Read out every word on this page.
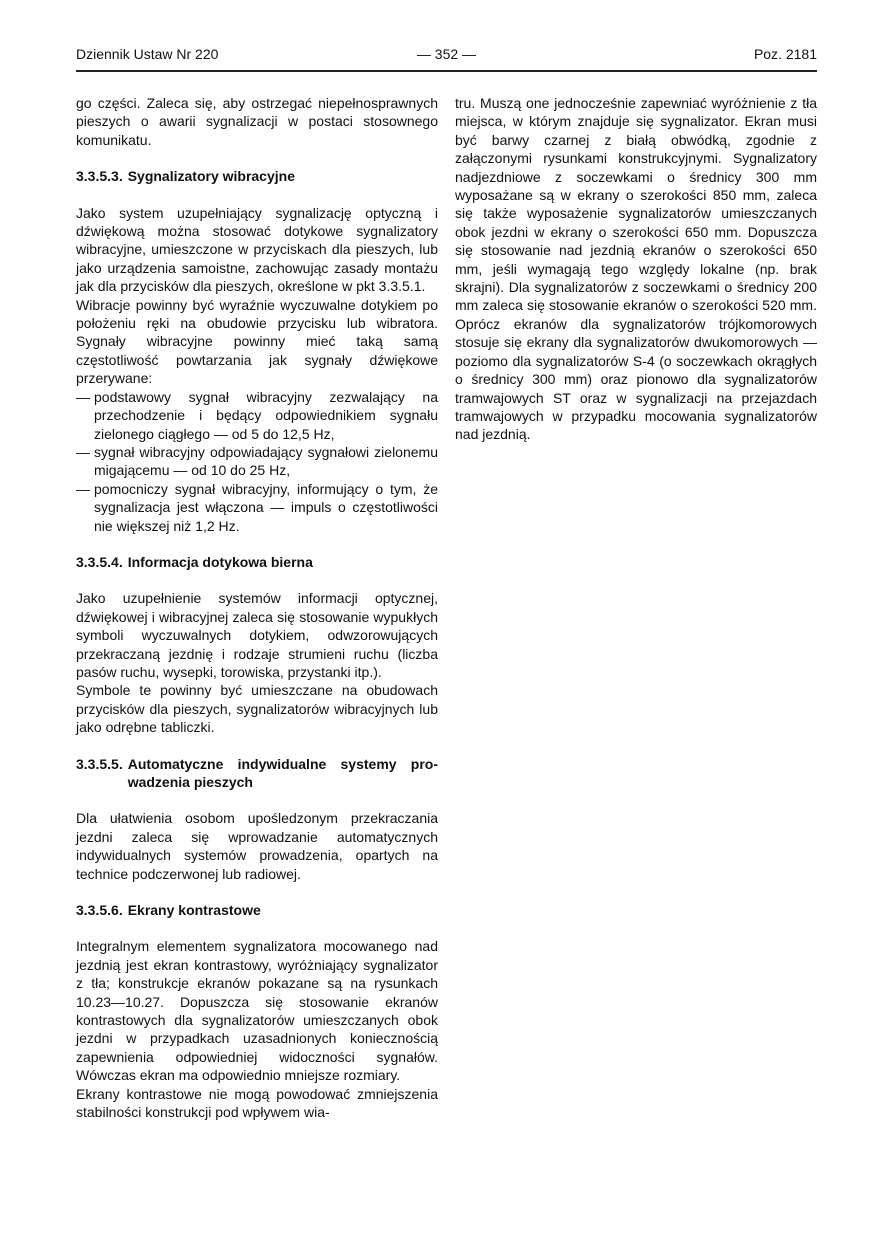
Dziennik Ustaw Nr 220	— 352 —	Poz. 2181

go części. Zaleca się, aby ostrzegać niepełnosprawnych pieszych o awarii sygnalizacji w postaci stosownego komunikatu.

3.3.5.3. Sygnalizatory wibracyjne

Jako system uzupełniający sygnalizację optyczną i dźwiękową można stosować dotykowe sygnalizatory wibracyjne, umieszczone w przyciskach dla pieszych, lub jako urządzenia samoistne, zachowując zasady montażu jak dla przycisków dla pieszych, określone w pkt 3.3.5.1.

Wibracje powinny być wyraźnie wyczuwalne dotykiem po położeniu ręki na obudowie przycisku lub wibratora. Sygnały wibracyjne powinny mieć taką samą częstotliwość powtarzania jak sygnały dźwiękowe przerywane:

— podstawowy sygnał wibracyjny zezwalający na przechodzenie i będący odpowiednikiem sygnału zielonego ciągłego — od 5 do 12,5 Hz,
— sygnał wibracyjny odpowiadający sygnałowi zielonemu migającemu — od 10 do 25 Hz,
— pomocniczy sygnał wibracyjny, informujący o tym, że sygnalizacja jest włączona — impuls o częstotliwości nie większej niż 1,2 Hz.
3.3.5.4. Informacja dotykowa bierna

Jako uzupełnienie systemów informacji optycznej, dźwiękowej i wibracyjnej zaleca się stosowanie wypukłych symboli wyczuwalnych dotykiem, odwzorowujących przekraczaną jezdnię i rodzaje strumieni ruchu (liczba pasów ruchu, wysepki, torowiska, przystanki itp.).

Symbole te powinny być umieszczane na obudowach przycisków dla pieszych, sygnalizatorów wibracyjnych lub jako odrębne tabliczki.

3.3.5.5. Automatyczne indywidualne systemy prowadzenia pieszych

Dla ułatwienia osobom upośledzonym przekraczania jezdni zaleca się wprowadzanie automatycznych indywidualnych systemów prowadzenia, opartych na technice podczerwonej lub radiowej.

3.3.5.6. Ekrany kontrastowe

Integralnym elementem sygnalizatora mocowanego nad jezdnią jest ekran kontrastowy, wyróżniający sygnalizator z tła; konstrukcje ekranów pokazane są na rysunkach 10.23—10.27. Dopuszcza się stosowanie ekranów kontrastowych dla sygnalizatorów umieszczanych obok jezdni w przypadkach uzasadnionych koniecznością zapewnienia odpowiedniej widoczności sygnałów. Wówczas ekran ma odpowiednio mniejsze rozmiary.

Ekrany kontrastowe nie mogą powodować zmniejszenia stabilności konstrukcji pod wpływem wia-

tru. Muszą one jednocześnie zapewniać wyróżnienie z tła miejsca, w którym znajduje się sygnalizator. Ekran musi być barwy czarnej z białą obwódką, zgodnie z załączonymi rysunkami konstrukcyjnymi. Sygnalizatory nadjezdniowe z soczewkami o średnicy 300 mm wyposażane są w ekrany o szerokości 850 mm, zaleca się także wyposażenie sygnalizatorów umieszczanych obok jezdni w ekrany o szerokości 650 mm. Dopuszcza się stosowanie nad jezdnią ekranów o szerokości 650 mm, jeśli wymagają tego względy lokalne (np. brak skrajni). Dla sygnalizatorów z soczewkami o średnicy 200 mm zaleca się stosowanie ekranów o szerokości 520 mm. Oprócz ekranów dla sygnalizatorów trójkomorowych stosuje się ekrany dla sygnalizatorów dwukomorowych — poziomo dla sygnalizatorów S-4 (o soczewkach okrągłych o średnicy 300 mm) oraz pionowo dla sygnalizatorów tramwajowych ST oraz w sygnalizacji na przejazdach tramwajowych w przypadku mocowania sygnalizatorów nad jezdnią.
